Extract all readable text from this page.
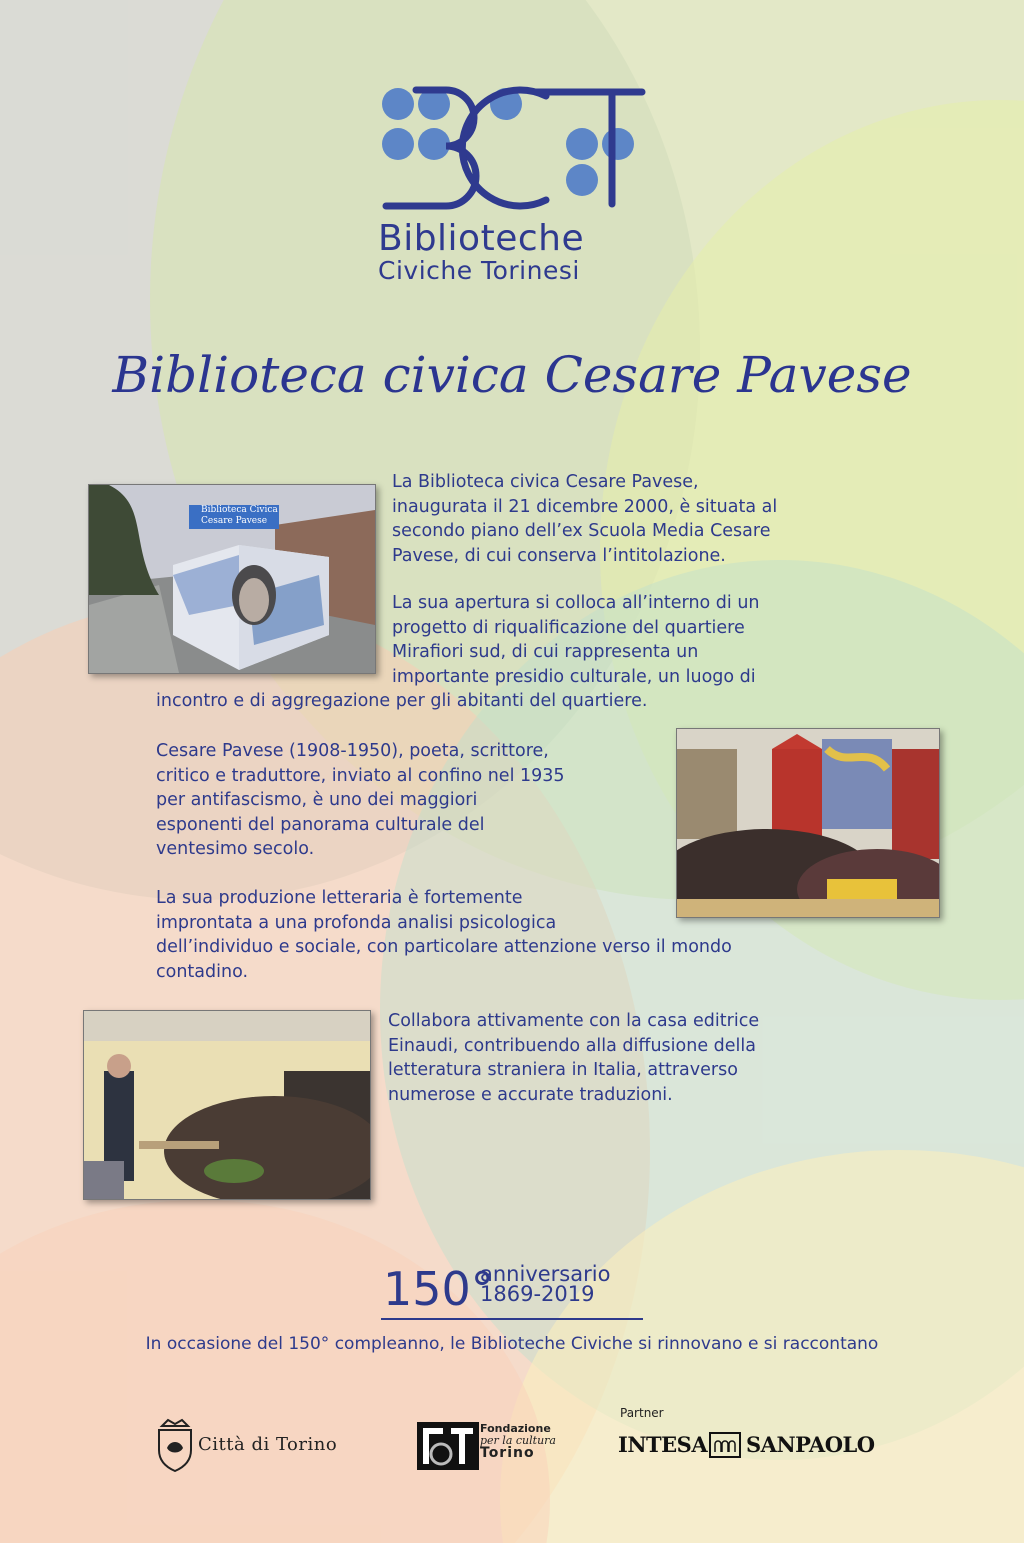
Biblioteche
Civiche Torinesi
Biblioteca civica Cesare Pavese
Biblioteca Civica Cesare Pavese
La Biblioteca civica Cesare Pavese,
inaugurata il 21 dicembre 2000, è situata al
secondo piano dell’ex Scuola Media Cesare
Pavese, di cui conserva l’intitolazione.
La sua apertura si colloca all’interno di un
progetto di riqualificazione del quartiere
Mirafiori sud, di cui rappresenta un
importante presidio culturale, un luogo di
incontro e di aggregazione per gli abitanti del quartiere.
Cesare Pavese (1908-1950), poeta, scrittore,
critico e traduttore, inviato al confino nel 1935
per antifascismo, è uno dei maggiori
esponenti del panorama culturale del
ventesimo secolo.
La sua produzione letteraria è fortemente
improntata a una profonda analisi psicologica
dell’individuo e sociale, con particolare attenzione verso il mondo
contadino.
Collabora attivamente con la casa editrice
Einaudi, contribuendo alla diffusione della
letteratura straniera in Italia, attraverso
numerose e accurate traduzioni.
150°
anniversario
1869-2019
In occasione del 150° compleanno, le Biblioteche Civiche si rinnovano e si raccontano
Città di Torino
Fondazione
per la cultura
Torino
Partner
INTESA SANPAOLO
